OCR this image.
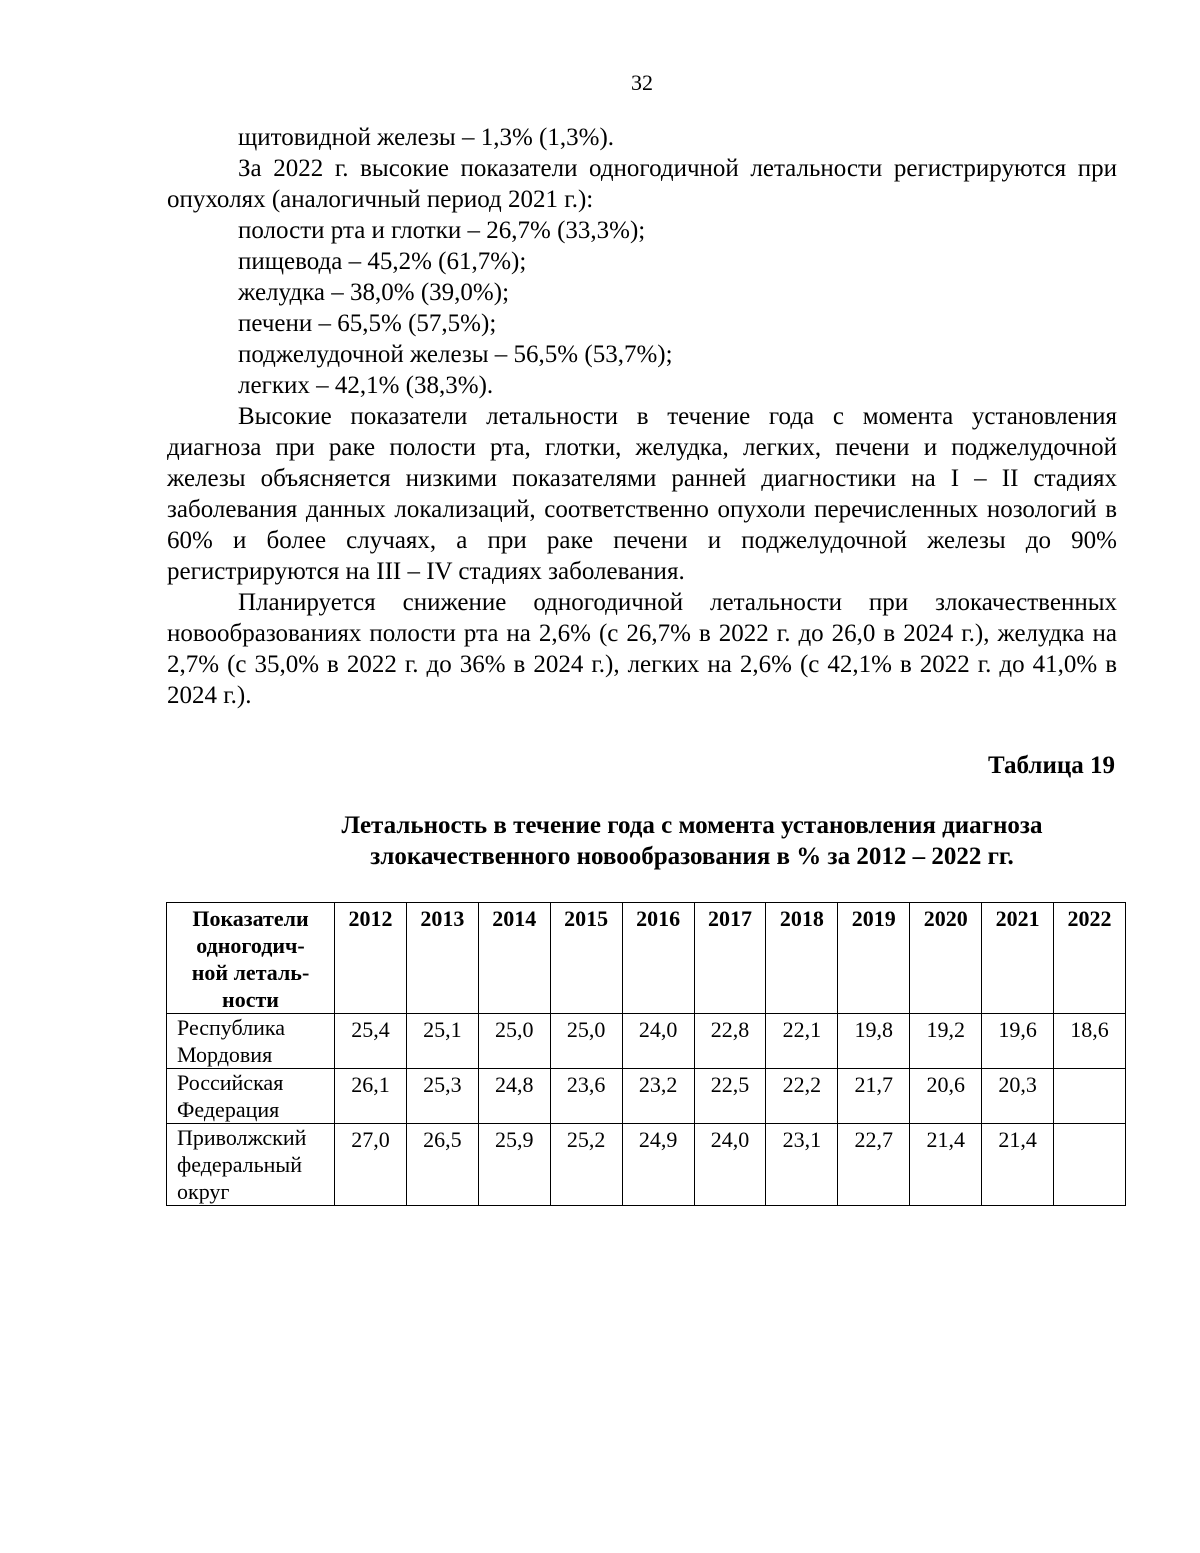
32

щитовидной железы – 1,3% (1,3%).

За 2022 г. высокие показатели одногодичной летальности регистрируются при опухолях (аналогичный период 2021 г.):

полости рта и глотки – 26,7% (33,3%);

пищевода – 45,2% (61,7%);

желудка – 38,0% (39,0%);

печени – 65,5% (57,5%);

поджелудочной железы – 56,5% (53,7%);

легких – 42,1% (38,3%).

Высокие показатели летальности в течение года с момента установления диагноза при раке полости рта, глотки, желудка, легких, печени и поджелудочной железы объясняется низкими показателями ранней диагностики на I – II стадиях заболевания данных локализаций, соответственно опухоли перечисленных нозологий в 60% и более случаях, а при раке печени и поджелудочной железы до 90% регистрируются на III – IV стадиях заболевания.

Планируется снижение одногодичной летальности при злокачественных новообразованиях полости рта на 2,6% (с 26,7% в 2022 г. до 26,0 в 2024 г.), желудка на 2,7% (с 35,0% в 2022 г. до 36% в 2024 г.), легких на 2,6% (с 42,1% в 2022 г. до 41,0% в 2024 г.).

Таблица 19
Летальность в течение года с момента установления диагноза
злокачественного новообразования в % за 2012 – 2022 гг.
Показатели
одногодич-
ной леталь-
ности	2012	2013	2014	2015	2016	2017	2018	2019	2020	2021	2022
Республика
Мордовия	25,4	25,1	25,0	25,0	24,0	22,8	22,1	19,8	19,2	19,6	18,6
Российская
Федерация	26,1	25,3	24,8	23,6	23,2	22,5	22,2	21,7	20,6	20,3	
Приволжский
федеральный
округ	27,0	26,5	25,9	25,2	24,9	24,0	23,1	22,7	21,4	21,4	
